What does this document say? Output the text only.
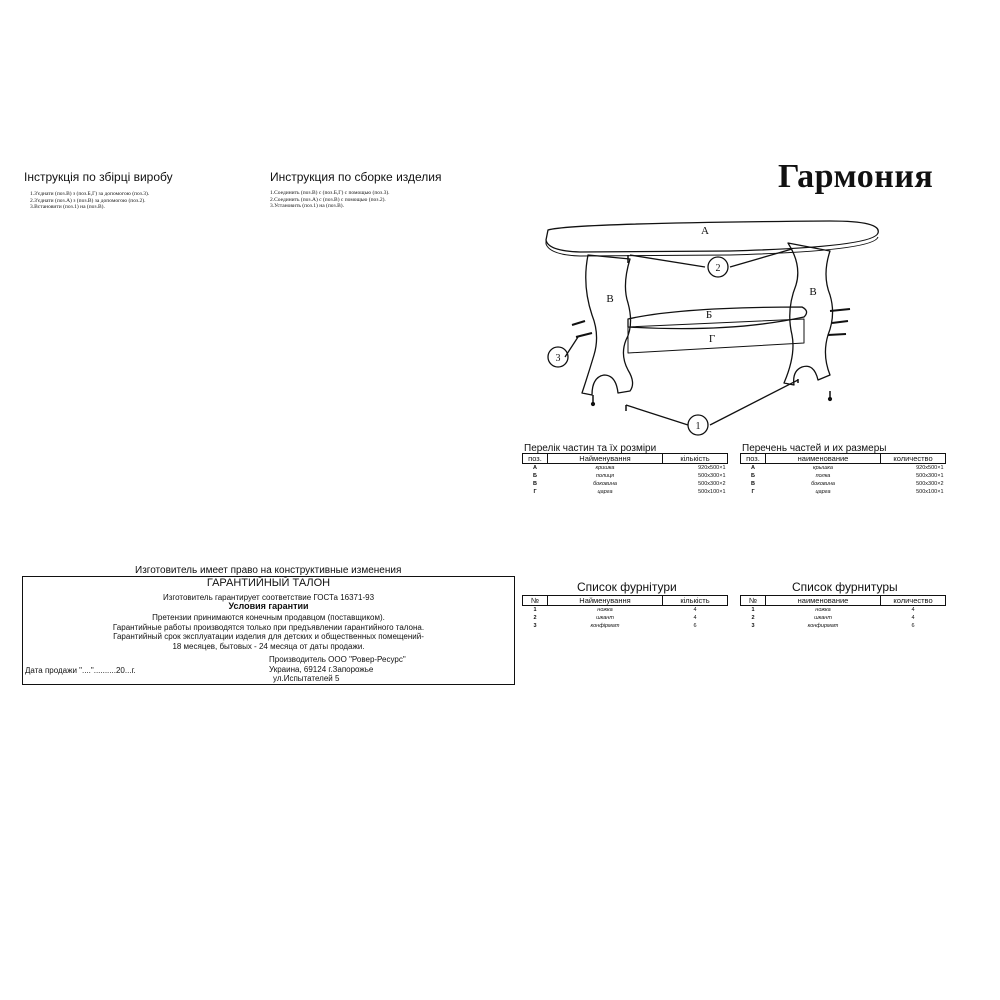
Інструкція по збірці виробу
1.З'єднати (поз.В) з (поз.Б,Г) за допомогою (поз.3).
2.З'єднати (поз.А) з (поз.В) за допомогою (поз.2).
3.Встановити (поз.1) на (поз.В).
Инструкция по сборке изделия
1.Соединить (поз.В) с (поз.Б,Г) с помощью (поз.3).
2.Соединить (поз.А) с (поз.В) с помощью (поз.2).
3.Установить (поз.1) на (поз.В).
Гармония
А
Б
В
В
Г
2
1
3
Перелік частин та їх розміри
поз.	Найменування	кількість
А	кришка	920х500×1
Б	полиця	500х300×1
В	боковина	500х300×2
Г	царга	500х100×1
Перечень частей и их размеры
поз.	наименование	количество
А	крышка	920х500×1
Б	полка	500х300×1
В	боковина	500х300×2
Г	царга	500х100×1
Изготовитель имеет право на конструктивные изменения
ГАРАНТИЙНЫЙ ТАЛОН
Изготовитель гарантирует соответствие ГОСТа 16371-93
Условия гарантии
Претензии принимаются конечным продавцом (поставщиком).
Гарантийные работы производятся только при предъявлении гарантийного талона.
Гарантийный срок эксплуатации изделия для детских и общественных помещений-
18 месяцев, бытовых - 24 месяца от даты продажи.
Производитель ООО "Ровер-Ресурс"
Украина, 69124 г.Запорожье
ул.Испытателей 5
Дата продажи "...."..........20...г.
Список фурнітури
№	Найменування	кількість
1	ножка	4
2	шкант	4
3	конфірмат	6
Список фурнитуры
№	наименование	количество
1	ножка	4
2	шкант	4
3	конфирмат	6
